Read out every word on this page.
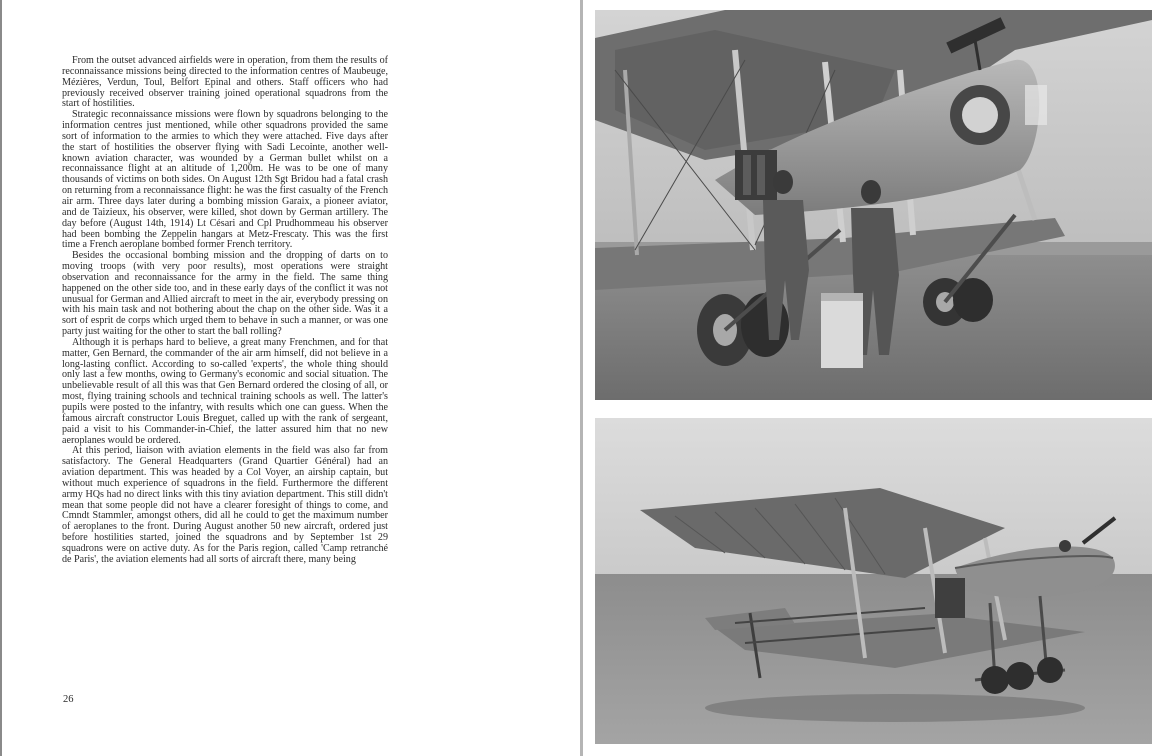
From the outset advanced airfields were in operation, from them the results of reconnaissance missions being directed to the information centres of Maubeuge, Mézières, Verdun, Toul, Belfort Epinal and others. Staff officers who had previously received observer training joined operational squadrons from the start of hostilities.

Strategic reconnaissance missions were flown by squadrons belonging to the information centres just mentioned, while other squadrons provided the same sort of information to the armies to which they were attached. Five days after the start of hostilities the observer flying with Sadi Lecointe, another well-known aviation character, was wounded by a German bullet whilst on a reconnaissance flight at an altitude of 1,200m. He was to be one of many thousands of victims on both sides. On August 12th Sgt Bridou had a fatal crash on returning from a reconnaissance flight: he was the first casualty of the French air arm. Three days later during a bombing mission Garaix, a pioneer aviator, and de Taizieux, his observer, were killed, shot down by German artillery. The day before (August 14th, 1914) Lt Césari and Cpl Prudhommeau his observer had been bombing the Zeppelin hangars at Metz-Frescaty. This was the first time a French aeroplane bombed former French territory.

Besides the occasional bombing mission and the dropping of darts on to moving troops (with very poor results), most operations were straight observation and reconnaissance for the army in the field. The same thing happened on the other side too, and in these early days of the conflict it was not unusual for German and Allied aircraft to meet in the air, everybody pressing on with his main task and not bothering about the chap on the other side. Was it a sort of esprit de corps which urged them to behave in such a manner, or was one party just waiting for the other to start the ball rolling?

Although it is perhaps hard to believe, a great many Frenchmen, and for that matter, Gen Bernard, the commander of the air arm himself, did not believe in a long-lasting conflict. According to so-called 'experts', the whole thing should only last a few months, owing to Germany's economic and social situation. The unbelievable result of all this was that Gen Bernard ordered the closing of all, or most, flying training schools and technical training schools as well. The latter's pupils were posted to the infantry, with results which one can guess. When the famous aircraft constructor Louis Breguet, called up with the rank of sergeant, paid a visit to his Commander-in-Chief, the latter assured him that no new aeroplanes would be ordered.

At this period, liaison with aviation elements in the field was also far from satisfactory. The General Headquarters (Grand Quartier Général) had an aviation department. This was headed by a Col Voyer, an airship captain, but without much experience of squadrons in the field. Furthermore the different army HQs had no direct links with this tiny aviation department. This still didn't mean that some people did not have a clearer foresight of things to come, and Cmndt Stammler, amongst others, did all he could to get the maximum number of aeroplanes to the front. During August another 50 new aircraft, ordered just before hostilities started, joined the squadrons and by September 1st 29 squadrons were on active duty. As for the Paris region, called 'Camp retranché de Paris', the aviation elements had all sorts of aircraft there, many being

26
